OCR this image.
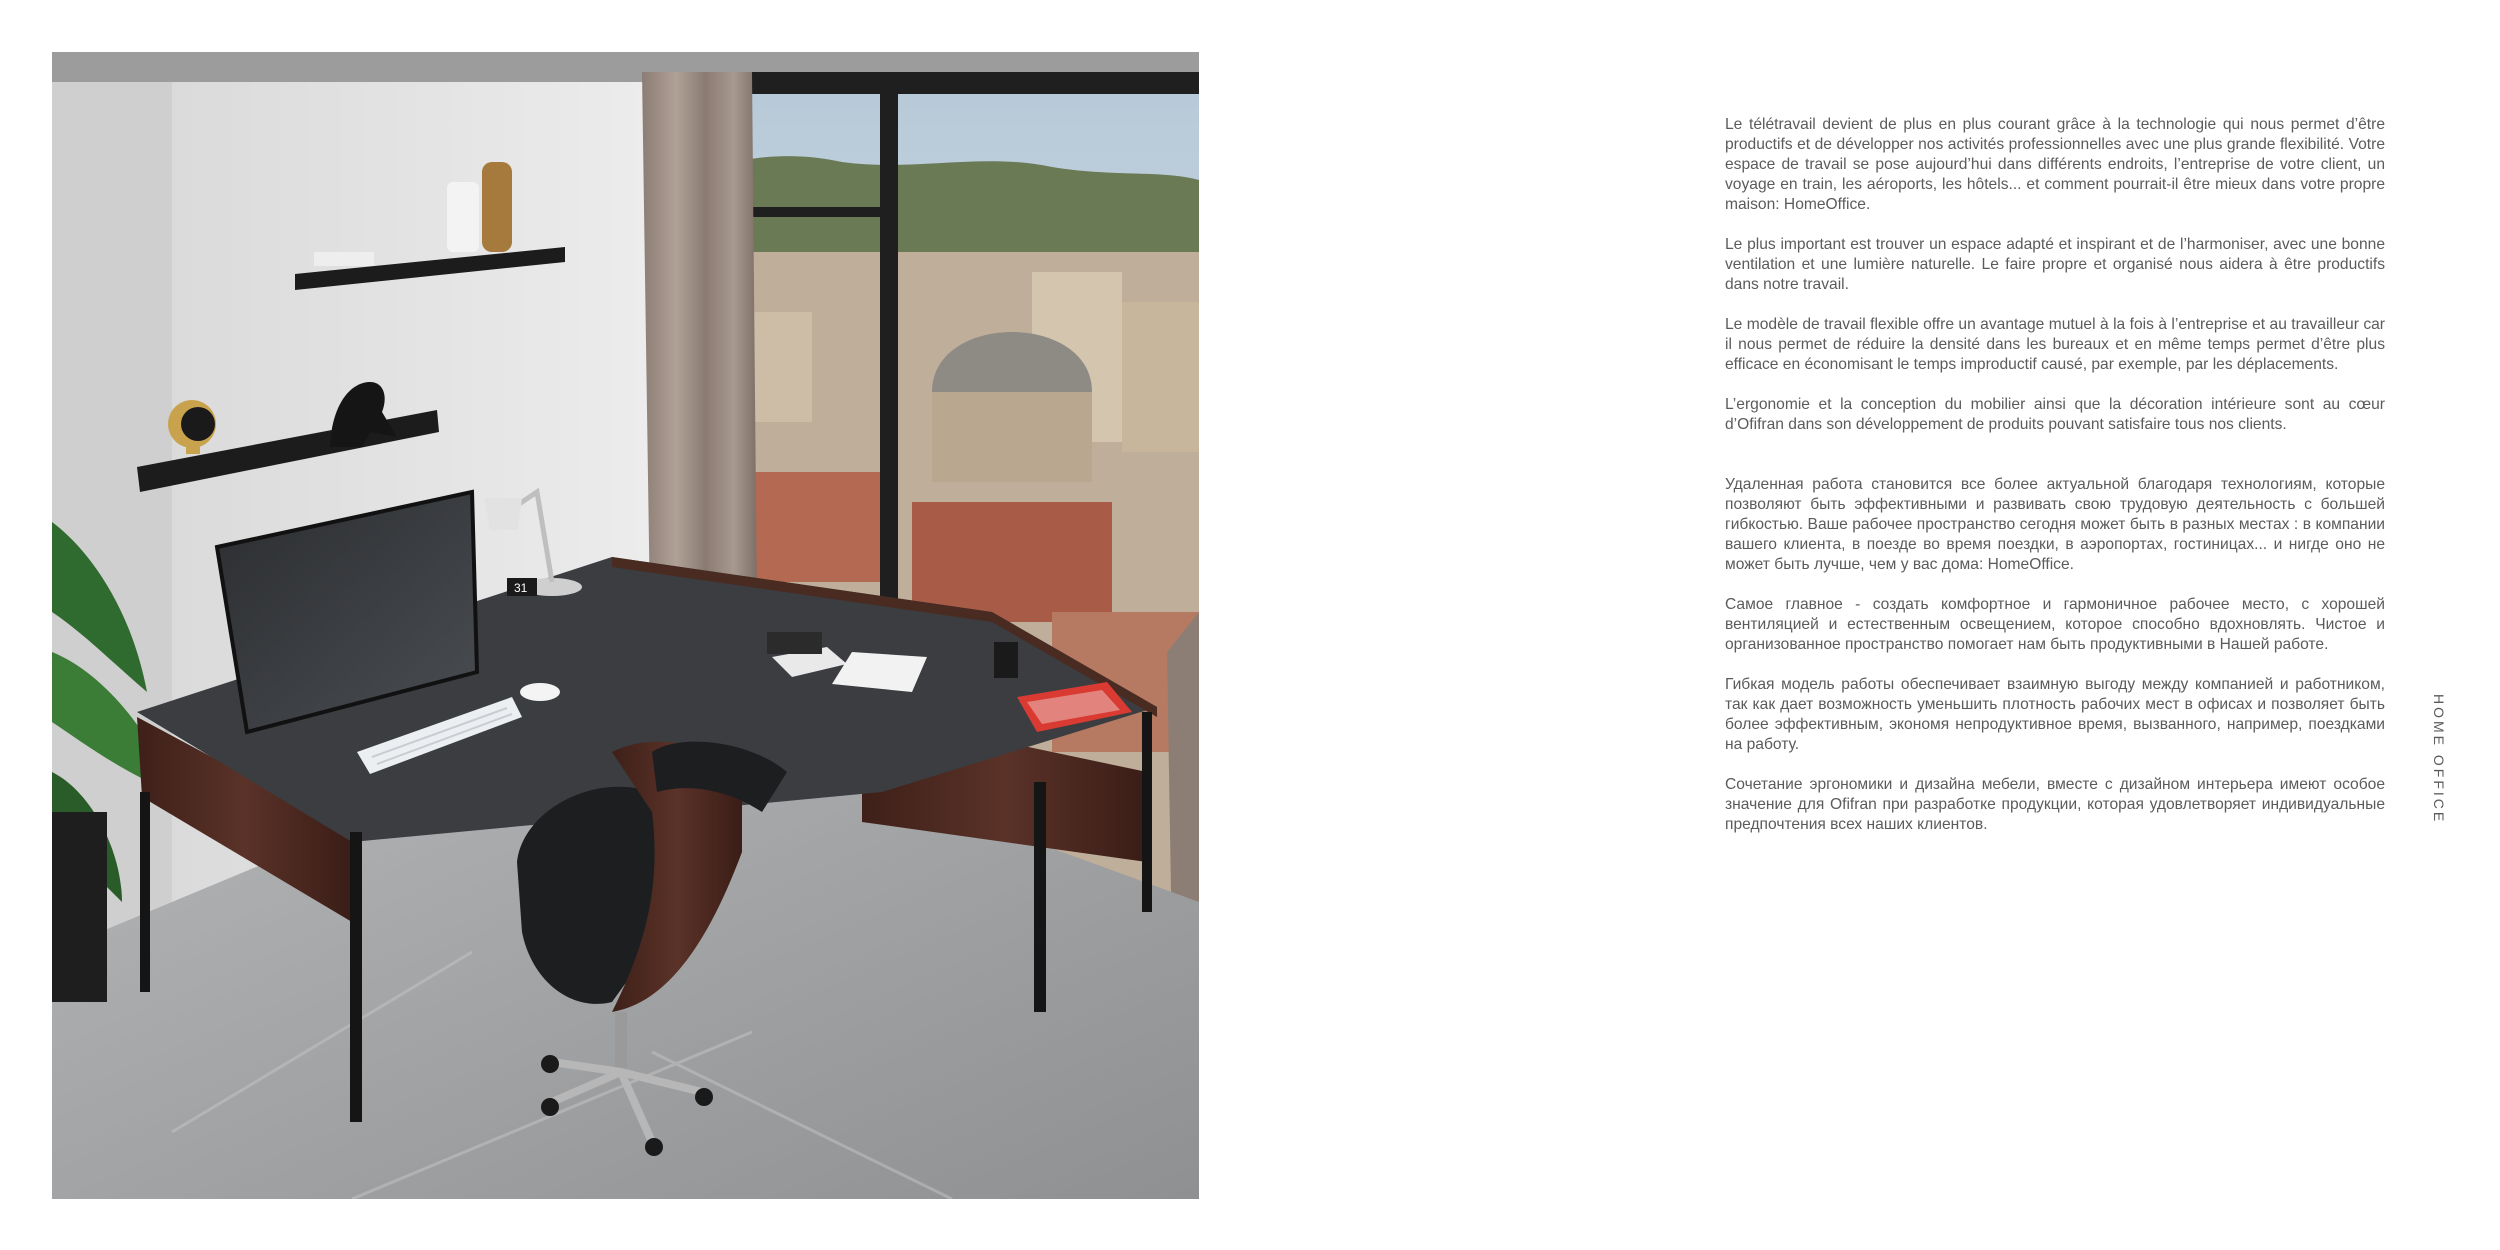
31

Le télétravail devient de plus en plus courant grâce à la technologie qui nous permet d’être productifs et de développer nos activités professionnelles avec une plus grande flexibilité. Votre espace de travail se pose aujourd’hui dans différents endroits, l’entreprise de votre client, un voyage en train, les aéroports, les hôtels... et comment pourrait-il être mieux dans votre propre maison: HomeOffice.

Le plus important est trouver un espace adapté et inspirant et de l’harmoniser, avec une bonne ventilation et une lumière naturelle. Le faire propre et organisé nous aidera à être productifs dans notre travail.

Le modèle de travail flexible offre un avantage mutuel à la fois à l’entreprise et au travailleur car il nous permet de réduire la densité dans les bureaux et en même temps permet d’être plus efficace en économisant le temps improductif causé, par exemple, par les déplacements.

L’ergonomie et la conception du mobilier ainsi que la décoration intérieure sont au cœur d’Ofifran dans son développement de produits pouvant satisfaire tous nos clients.

Удаленная работа становится все более актуальной благодаря технологиям, которые позволяют быть эффективными и развивать свою трудовую деятельность с большей гибкостью. Ваше рабочее пространство сегодня может быть в разных местах : в компании вашего клиента, в поезде во время поездки, в аэропортах, гостиницах... и нигде оно не может быть лучше, чем у вас дома: HomeOffice.

Самое главное - создать комфортное и гармоничное рабочее место, с хорошей вентиляцией и естественным освещением, которое способно вдохновлять. Чистое и организованное пространство помогает нам быть продуктивными в Нашей работе.

Гибкая модель работы обеспечивает взаимную выгоду между компанией и работником, так как дает возможность уменьшить плотность рабочих мест в офисах и позволяет быть более эффективным, экономя непродуктивное время, вызванного, например, поездками на работу.

Сочетание эргономики и дизайна мебели, вместе с дизайном интерьера имеют особое значение для Ofifran при разработке продукции, которая удовлетворяет индивидуальные предпочтения всех наших клиентов.

HOME OFFICE
